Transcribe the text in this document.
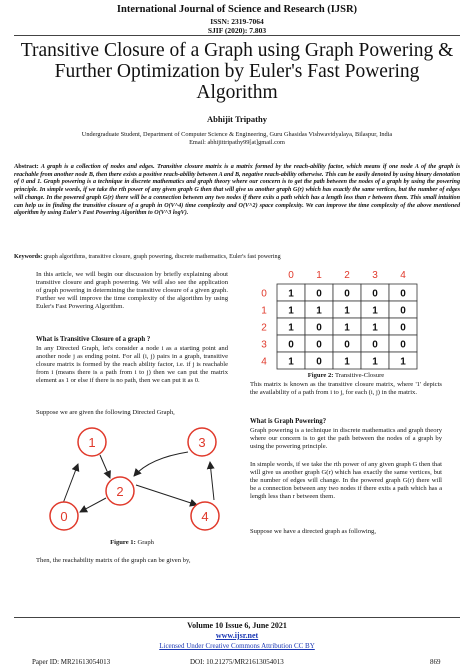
International Journal of Science and Research (IJSR)
ISSN: 2319-7064
SJIF (2020): 7.803
Transitive Closure of a Graph using Graph Powering & Further Optimization by Euler's Fast Powering Algorithm
Abhijit Tripathy
Undergraduate Student, Department of Computer Science & Engineering, Guru Ghasidas Vishwavidyalaya, Bilaspur, India
Email: abhijittripathy99[at]gmail.com
Abstract: A graph is a collection of nodes and edges. Transitive closure matrix is a matrix formed by the reach-ability factor, which means if one node A of the graph is reachable from another node B, then there exists a positive reach-ability between A and B, negative reach-ability otherwise. This can be easily denoted by using binary denotation of 0 and 1. Graph powering is a technique in discrete mathematics and graph theory where our concern is to get the path between the nodes of a graph by using the powering principle. In simple words, if we take the rth power of any given graph G then that will give us another graph G(r) which has exactly the same vertices, but the number of edges will change. In the powered graph G(r) there will be a connection between any two nodes if there exits a path which has a length less than r between them. This small intuition can help us in finding the transitive closure of a graph in O(V^4) time complexity and O(V^2) space complexity. We can improve the time complexity of the above mentioned algorithm by using Euler's Fast Powering Algorithm to O(V^3 logV).
Keywords: graph algorithms, transitive closure, graph powering, discrete mathematics, Euler's fast powering
In this article, we will begin our discussion by briefly explaining about transitive closure and graph powering. We will also see the application of graph powering in determining the transitive closure of a given graph. Further we will improve the time complexity of the algorithm by using Euler's Fast Powering Algorithm.
What is Transitive Closure of a graph ?
In any Directed Graph, let's consider a node i as a starting point and another node j as ending point. For all (i, j) pairs in a graph, transitive closure matrix is formed by the reach ability factor, i.e. if j is reachable from i (means there is a path from i to j) then we can put the matrix element as 1 or else if there is no path, then we can put it as 0.
Suppose we are given the following Directed Graph,
1
2
3
4
0
Figure 1: Graph
Then, the reachability matrix of the graph can be given by,
0 1 2 3 4
0
1
2
3
4
1 0 0 0 0
1 1 1 1 0
1 0 1 1 0
0 0 0 0 0
1 0 1 1 1
Figure 2: Transitive-Closure
This matrix is known as the transitive closure matrix, where '1' depicts the availability of a path from i to j, for each (i, j) in the matrix.
What is Graph Powering?
Graph powering is a technique in discrete mathematics and graph theory where our concern is to get the path between the nodes of a graph by using the powering principle.
In simple words, if we take the rth power of any given graph G then that will give us another graph G(r) which has exactly the same vertices, but the number of edges will change. In the powered graph G(r) there will be a connection between any two nodes if there exits a path which has a length less than r between them.
Suppose we have a directed graph as following,
Volume 10 Issue 6, June 2021
www.ijsr.net
Licensed Under Creative Commons Attribution CC BY
Paper ID: MR21613054013	DOI: 10.21275/MR21613054013	869
